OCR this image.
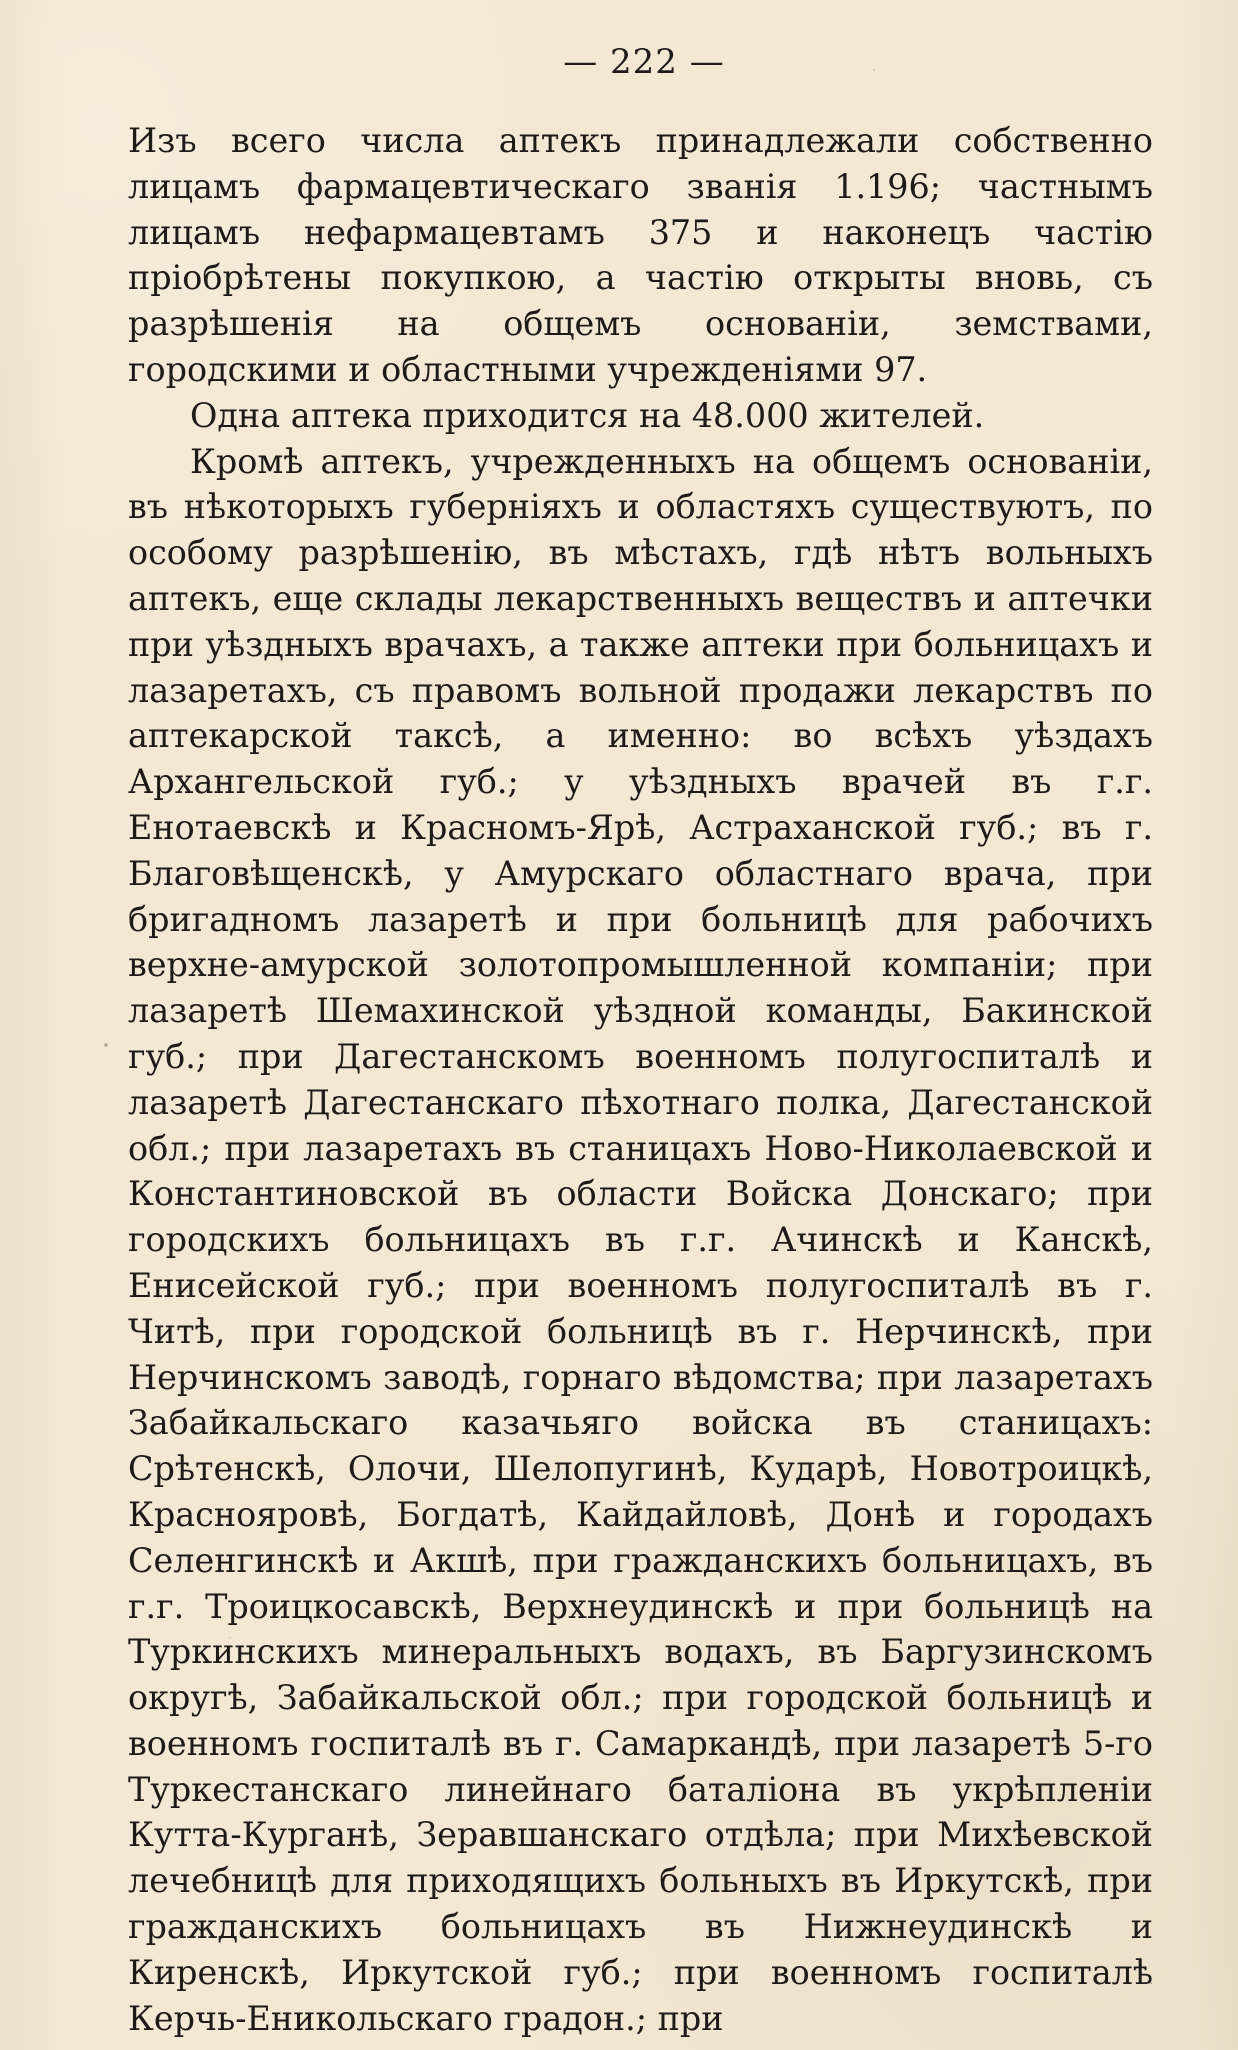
— 222 —

Изъ всего числа аптекъ принадлежали собственно лицамъ фармацевтическаго званія 1.196; частнымъ лицамъ нефармацевтамъ 375 и наконецъ частію пріобрѣтены покупкою, а частію открыты вновь, съ разрѣшенія на общемъ основаніи, земствами, городскими и областными учрежденіями 97.

Одна аптека приходится на 48.000 жителей.

Кромѣ аптекъ, учрежденныхъ на общемъ основаніи, въ нѣкоторыхъ губерніяхъ и областяхъ существуютъ, по особому разрѣшенію, въ мѣстахъ, гдѣ нѣтъ вольныхъ аптекъ, еще склады лекарственныхъ веществъ и аптечки при уѣздныхъ врачахъ, а также аптеки при больницахъ и лазаретахъ, съ правомъ вольной продажи лекарствъ по аптекарской таксѣ, а именно: во всѣхъ уѣздахъ Архангельской губ.; у уѣздныхъ врачей въ г.г. Енотаевскѣ и Красномъ-Ярѣ, Астраханской губ.; въ г. Благовѣщенскѣ, у Амурскаго областнаго врача, при бригадномъ лазаретѣ и при больницѣ для рабочихъ верхне-амурской золотопромышленной компаніи; при лазаретѣ Шемахинской уѣздной команды, Бакинской губ.; при Дагестанскомъ военномъ полугоспиталѣ и лазаретѣ Дагестанскаго пѣхотнаго полка, Дагестанской обл.; при лазаретахъ въ станицахъ Ново-Николаевской и Константиновской въ области Войска Донскаго; при городскихъ больницахъ въ г.г. Ачинскѣ и Канскѣ, Енисейской губ.; при военномъ полугоспиталѣ въ г. Читѣ, при городской больницѣ въ г. Нерчинскѣ, при Нерчинскомъ заводѣ, горнаго вѣдомства; при лазаретахъ Забайкальскаго казачьяго войска въ станицахъ: Срѣтенскѣ, Олочи, Шелопугинѣ, Кударѣ, Новотроицкѣ, Краснояровѣ, Богдатѣ, Кайдайловѣ, Донѣ и городахъ Селенгинскѣ и Акшѣ, при гражданскихъ больницахъ, въ г.г. Троицкосавскѣ, Верхнеудинскѣ и при больницѣ на Туркинскихъ минеральныхъ водахъ, въ Баргузинскомъ округѣ, Забайкальской обл.; при городской больницѣ и военномъ госпиталѣ въ г. Самаркандѣ, при лазаретѣ 5-го Туркестанскаго линейнаго баталіона въ укрѣпленіи Кутта-Курганѣ, Зеравшанскаго отдѣла; при Михѣевской лечебницѣ для приходящихъ больныхъ въ Иркутскѣ, при гражданскихъ больницахъ въ Нижнеудинскѣ и Киренскѣ, Иркутской губ.; при военномъ госпиталѣ Керчь-Еникольскаго градон.; при
